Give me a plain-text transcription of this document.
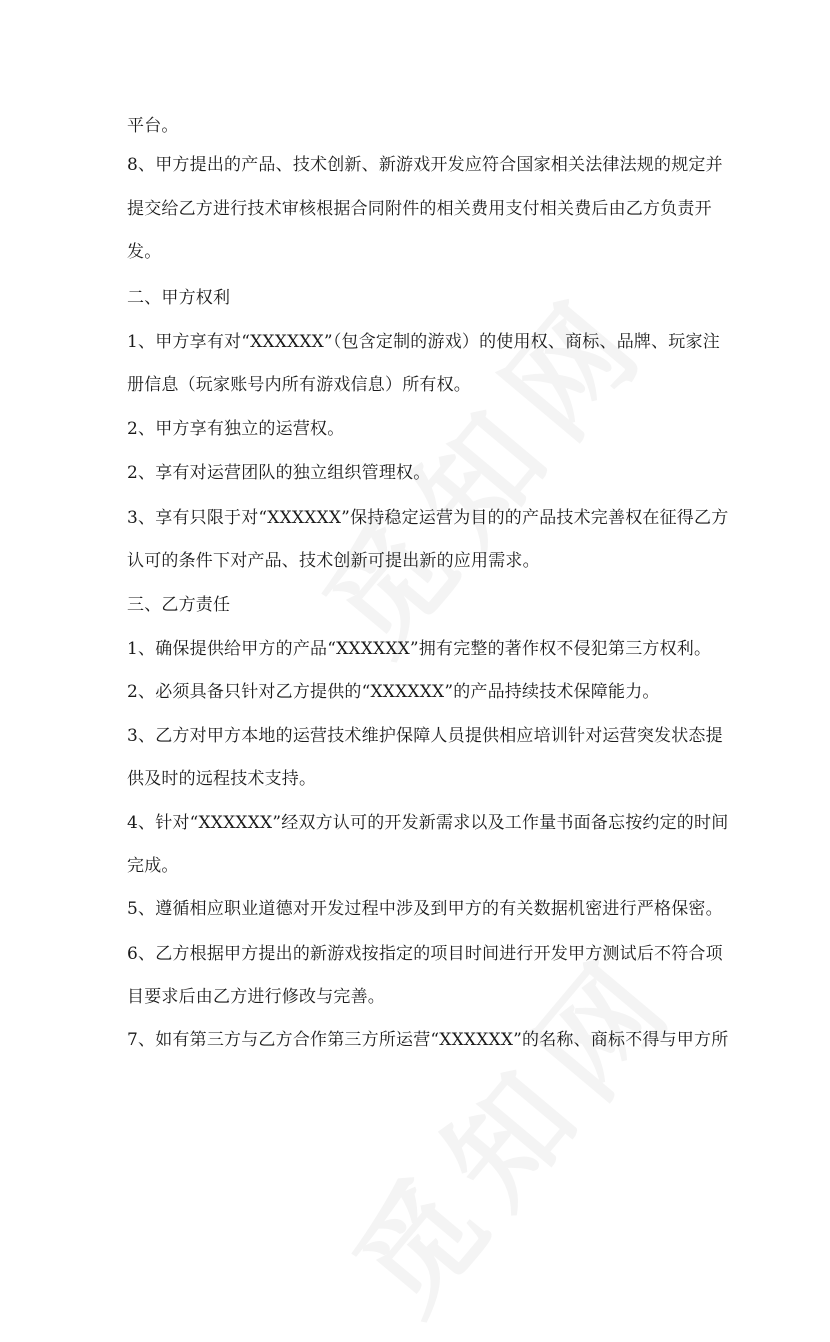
平台。
8、甲方提出的产品、技术创新、新游戏开发应符合国家相关法律法规的规定并
提交给乙方进行技术审核根据合同附件的相关费用支付相关费后由乙方负责开
发。
二、甲方权利
1、甲方享有对“XXXXXX”（包含定制的游戏）的使用权、商标、品牌、玩家注
册信息（玩家账号内所有游戏信息）所有权。
2、甲方享有独立的运营权。
2、享有对运营团队的独立组织管理权。
3、享有只限于对“XXXXXX”保持稳定运营为目的的产品技术完善权在征得乙方
认可的条件下对产品、技术创新可提出新的应用需求。
三、乙方责任
1、确保提供给甲方的产品“XXXXXX”拥有完整的著作权不侵犯第三方权利。
2、必须具备只针对乙方提供的“XXXXXX”的产品持续技术保障能力。
3、乙方对甲方本地的运营技术维护保障人员提供相应培训针对运营突发状态提
供及时的远程技术支持。
4、针对“XXXXXX”经双方认可的开发新需求以及工作量书面备忘按约定的时间
完成。
5、遵循相应职业道德对开发过程中涉及到甲方的有关数据机密进行严格保密。
6、乙方根据甲方提出的新游戏按指定的项目时间进行开发甲方测试后不符合项
目要求后由乙方进行修改与完善。
7、如有第三方与乙方合作第三方所运营“XXXXXX”的名称、商标不得与甲方所
